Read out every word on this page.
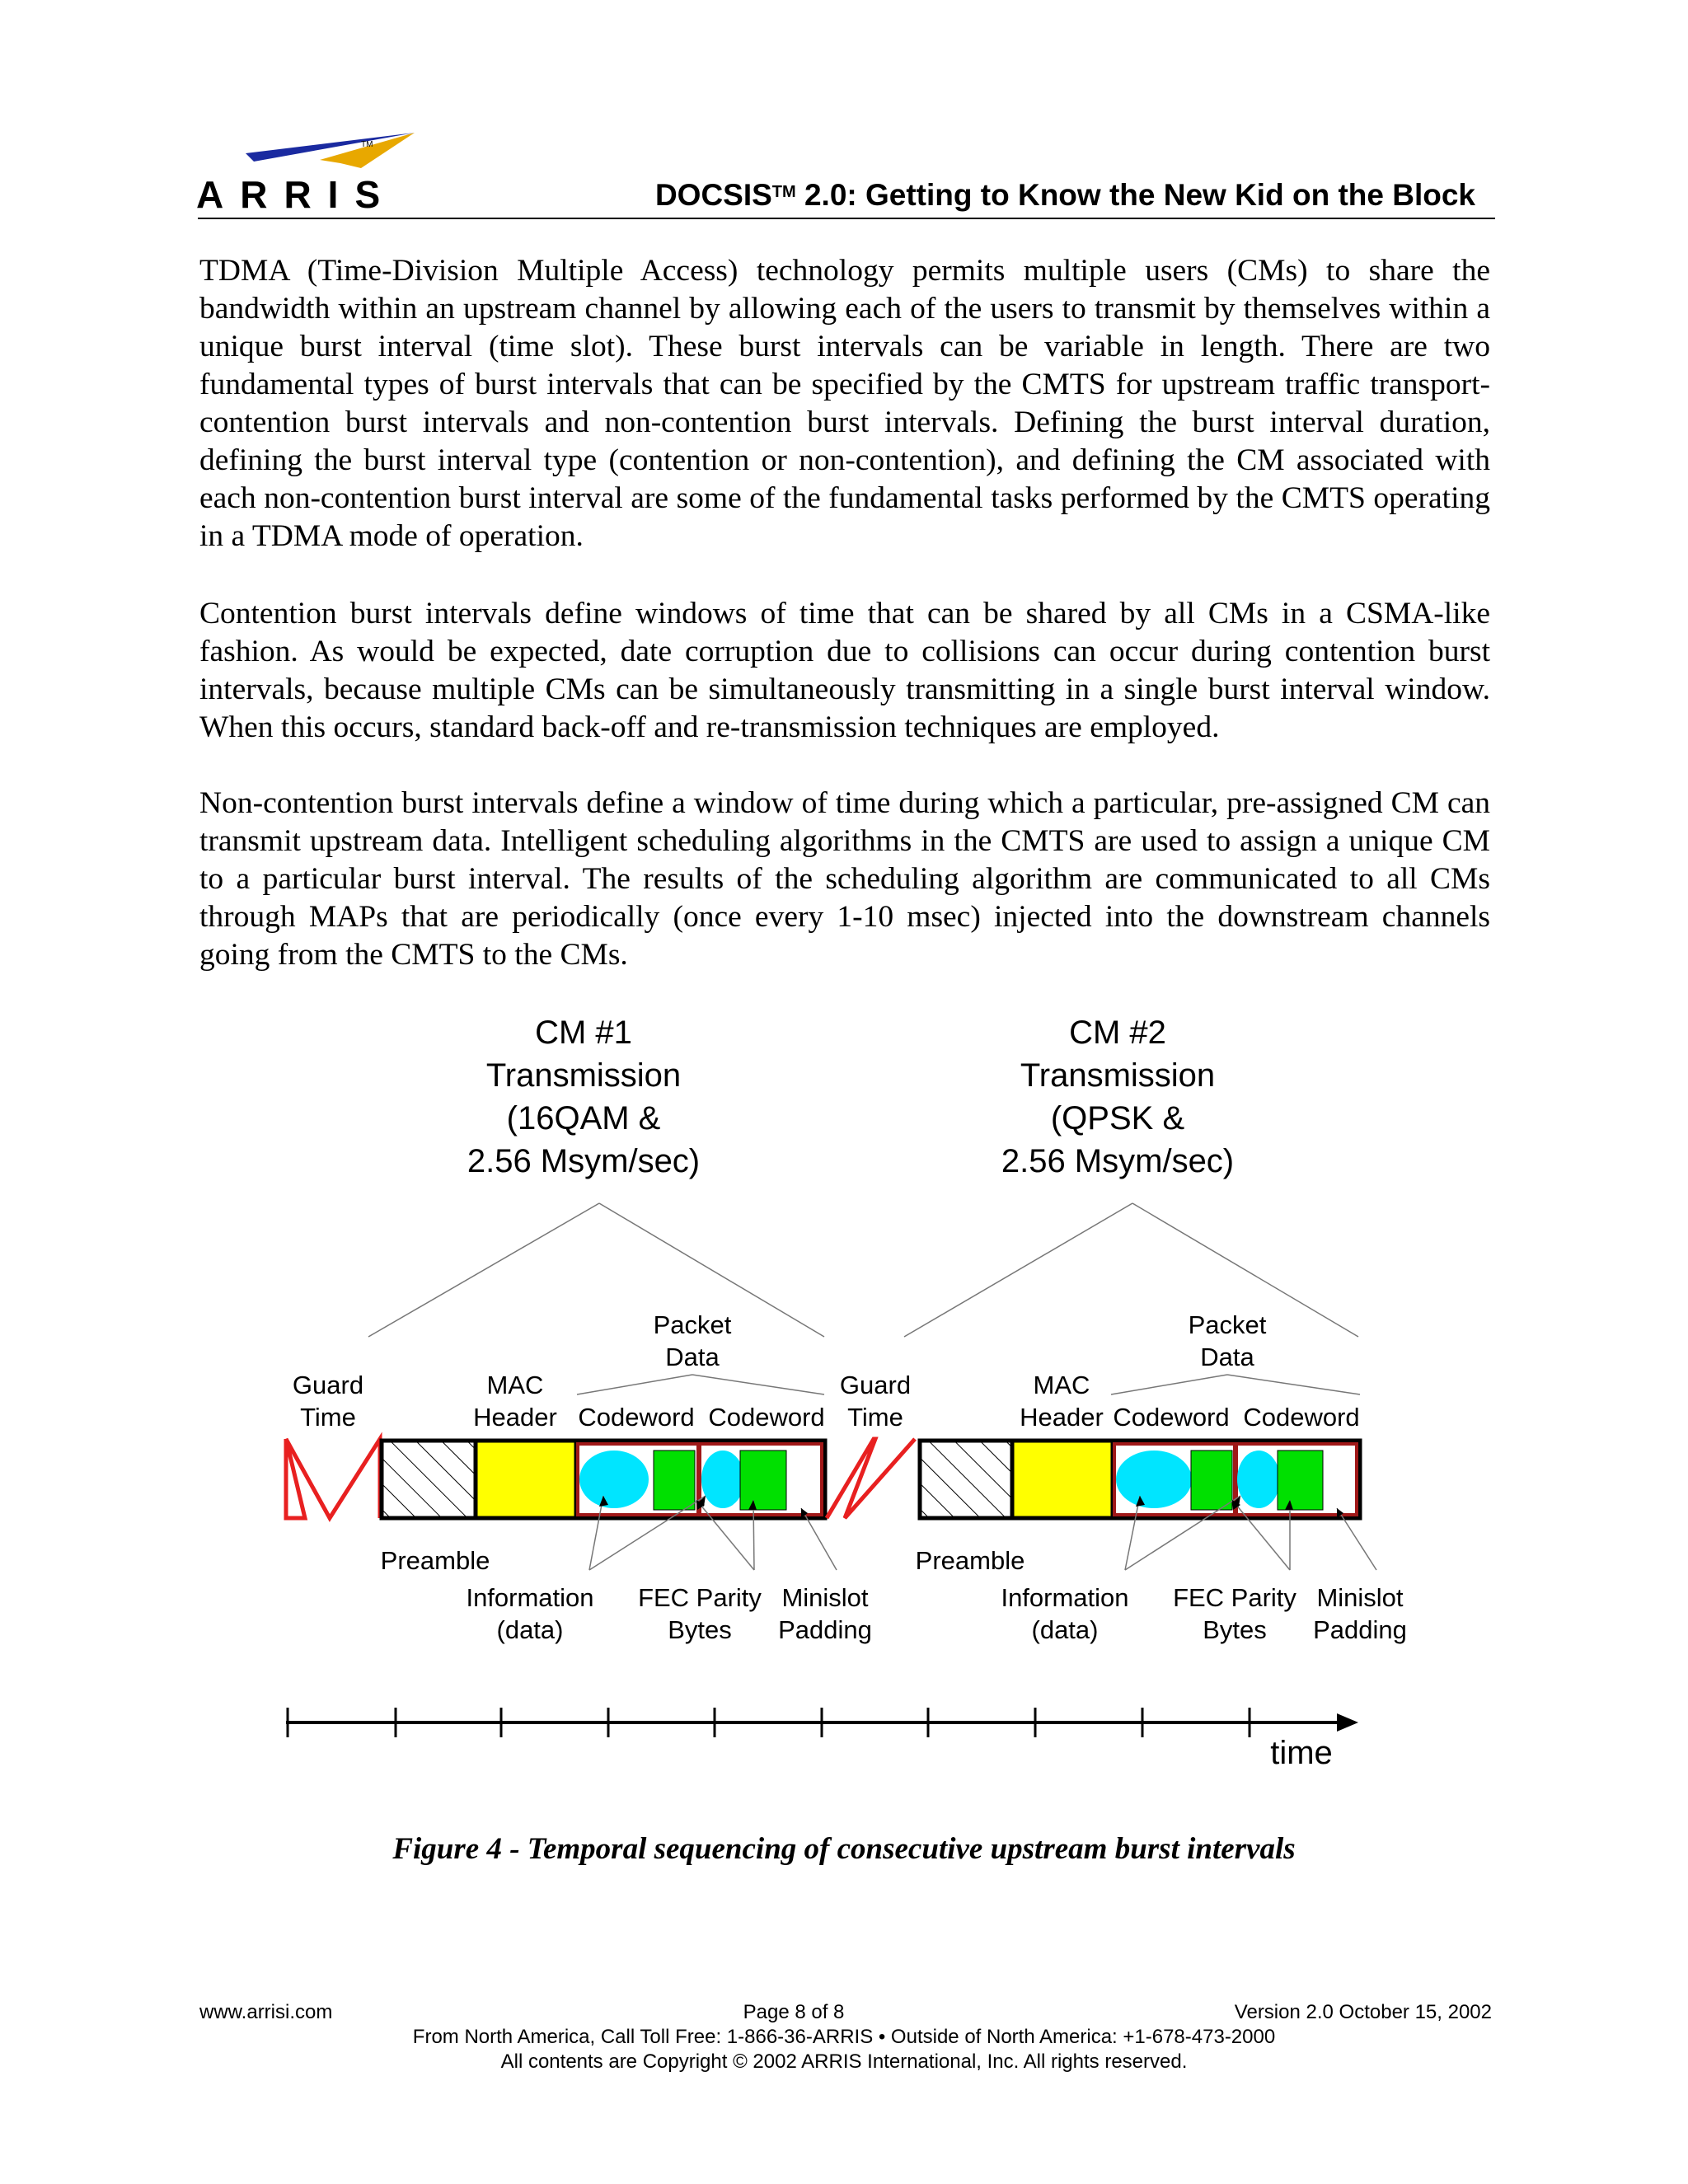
TM
ARRIS	DOCSIS™ 2.0: Getting to Know the New Kid on the Block
TDMA (Time-Division Multiple Access) technology permits multiple users (CMs) to share the bandwidth within an upstream channel by allowing each of the users to transmit by themselves within a unique burst interval (time slot). These burst intervals can be variable in length. There are two fundamental types of burst intervals that can be specified by the CMTS for upstream traffic transport- contention burst intervals and non-contention burst intervals. Defining the burst interval duration, defining the burst interval type (contention or non-contention), and defining the CM associated with each non-contention burst interval are some of the fundamental tasks performed by the CMTS operating in a TDMA mode of operation.
Contention burst intervals define windows of time that can be shared by all CMs in a CSMA-like fashion. As would be expected, date corruption due to collisions can occur during contention burst intervals, because multiple CMs can be simultaneously transmitting in a single burst interval window. When this occurs, standard back-off and re-transmission techniques are employed.
Non-contention burst intervals define a window of time during which a particular, pre-assigned CM can transmit upstream data. Intelligent scheduling algorithms in the CMTS are used to assign a unique CM to a particular burst interval. The results of the scheduling algorithm are communicated to all CMs through MAPs that are periodically (once every 1-10 msec) injected into the downstream channels going from the CMTS to the CMs.
CM #1
Transmission
(16QAM &
2.56 Msym/sec)
CM #2
Transmission
(QPSK &
2.56 Msym/sec)
Packet
Data
Packet
Data
Guard
Time
Guard
Time
MAC
Header
MAC
Header
Codeword Codeword	Codeword Codeword
Preamble	Preamble
Information
(data)
Information
(data)
FEC Parity
Bytes
FEC Parity
Bytes
Minislot
Padding
Minislot
Padding
time
Figure 4 - Temporal sequencing of consecutive upstream burst intervals
www.arrisi.com	Page 8 of 8	Version 2.0 October 15, 2002
From North America, Call Toll Free: 1-866-36-ARRIS • Outside of North America: +1-678-473-2000
All contents are Copyright © 2002 ARRIS International, Inc. All rights reserved.
